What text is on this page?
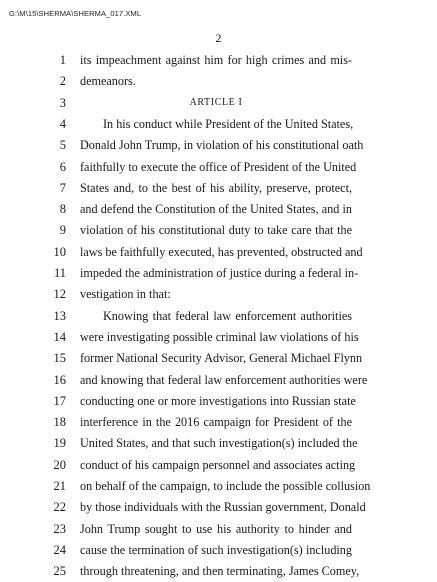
G:\M\15\SHERMA\SHERMA_017.XML
2
1 its impeachment against him for high crimes and mis-
2 demeanors.
3	ARTICLE I
4	In his conduct while President of the United States,
5 Donald John Trump, in violation of his constitutional oath
6 faithfully to execute the office of President of the United
7 States and, to the best of his ability, preserve, protect,
8 and defend the Constitution of the United States, and in
9 violation of his constitutional duty to take care that the
10 laws be faithfully executed, has prevented, obstructed and
11 impeded the administration of justice during a federal in-
12 vestigation in that:
13	Knowing that federal law enforcement authorities
14 were investigating possible criminal law violations of his
15 former National Security Advisor, General Michael Flynn
16 and knowing that federal law enforcement authorities were
17 conducting one or more investigations into Russian state
18 interference in the 2016 campaign for President of the
19 United States, and that such investigation(s) included the
20 conduct of his campaign personnel and associates acting
21 on behalf of the campaign, to include the possible collusion
22 by those individuals with the Russian government, Donald
23 John Trump sought to use his authority to hinder and
24 cause the termination of such investigation(s) including
25 through threatening, and then terminating, James Comey,
